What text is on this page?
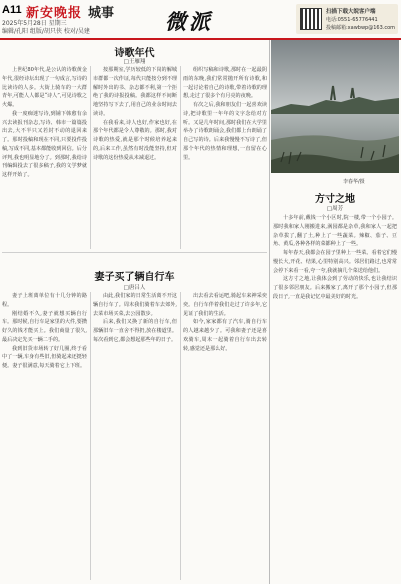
A11 新安晚报 城事
2025年5月28日 星期三
编辑/孔阳 组版/胡只侠 校对/吴建	微派	扫描下载大皖客户端
电话:0551-65776441
投稿邮箱:xawbwp@163.com
诗歌年代
□王雁翔

上世纪80年代,是公认的诗歌黄金年代,很经诗坛出现了一句成言,写诗的比读诗的人多。大街上骑车的一大群青年,可能人人都是“诗人”,可见诗歌之火爆。

我一度痴迷写诗,到铺下韩愈有余兴去读报刊杂志,写诗、韩市一篇篇投出去,大不半只又若封不动的退回来了。那时投稿和现在不同,只要投件投稿,写成不同,基本都能收到回信。后分评判,我也明显地分了。到那时,我给诗刊编辑投去了很多稿子,我的文学梦就这样开始了。

按那期室,学历较低的下岗的解城市群都一次作证,每代只能按分到不理解时外出的书、杂志都不利,第一个拒绝了我的诗报投稿。我都这样不间断地坚持写下去了,用自己的业余时间去读诗。

在我看来,诗人也好,作家也好,在那个年代都是令人尊敬的。那时,我对诗歌的热爱,就是那个时候培养起来的,后来工作,虽然有时没能坚持,但对诗歌的这份热爱从未减退过。

组织写稿和诗歌,那时在一起最阴雨的东晚,我们常常抛开所有诗歌,和一起讨论着自己的诗歌,带着诗歌的理想,走过了很多个有月亮的夜晚。

有次之后,我和朋友们一起喜欢读诗,把诗歌里一年年的文字念给对方听。又是几年时间,那时我们在大学里举办了诗歌朗诵会,我们都上台朗诵了自己写的诗。后来我慢慢不写诗了,但那个年代的热情和理想,一直留在心里。

李春华/摄
方寸之地
□周芳

十多年前,戴钱一个小区时,院一楼,带一个小园子。那时我和家人刚搬进来,满园都是杂草,我和家人一起把杂草拔了,翻了土,种上了一些蔬菜。辣椒、茄子、豆角、黄瓜,各种各样的菜都种上了一些。

每年春天,我都会在园子里种上一些菜。看着它们慢慢长大,开花、结果,心里特别高兴。邻居们路过,也常常会停下来看一看,夸一夸,我就摘几个菜送给他们。

这方寸之地,让我体会到了劳动的快乐,也让我结识了很多邻居朋友。后来搬家了,离开了那个小园子,但那段日子,一直是我记忆中最美好的时光。

妻子买了辆自行车
□唐吕人

妻子上班离单位有十几分钟的路程。

刚结婚不久,妻子就想买辆自行车。那时候,自行车是家里的大件,要攒好久的钱才能买上。我们商量了很久,最后决定先买一辆二手的。

我到旧货市场转了好几圈,终于看中了一辆,车身有些旧,但骑起来还挺轻便。妻子很满意,每天骑着它上下班。

由此,我们家的日常生活离不开这辆自行车了。周末我们骑着车去郊外,去菜市场买菜,去公园散步。

后来,我们又换了新的自行车,但那辆旧车一直舍不得扔,放在楼道里。每次看到它,都会想起那些年的日子。

出去看去看运吧,骑起车来神采奕奕。自行车伴着我们走过了许多年,它见证了我们的生活。

如今,家家都有了汽车,骑自行车的人越来越少了。可我和妻子还是喜欢骑车,周末一起骑着自行车出去转转,感觉还是那么好。
